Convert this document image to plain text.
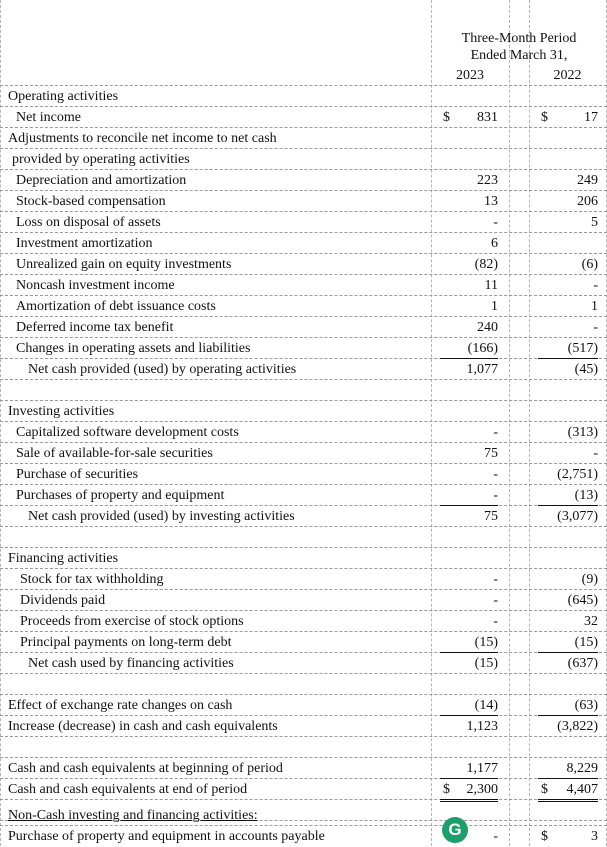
Three-Month Period
Ended March 31,
2023	2022
Operating activities
Net income	$	831	$	17
Adjustments to reconcile net income to net cash
provided by operating activities
Depreciation and amortization	223	249
Stock-based compensation	13	206
Loss on disposal of assets	-	5
Investment amortization	6
Unrealized gain on equity investments	(82)	(6)
Noncash investment income	11	-
Amortization of debt issuance costs	1	1
Deferred income tax benefit	240	-
Changes in operating assets and liabilities	(166)	(517)
Net cash provided (used) by operating activities	1,077	(45)
Investing activities
Capitalized software development costs	-	(313)
Sale of available-for-sale securities	75	-
Purchase of securities	-	(2,751)
Purchases of property and equipment	-	(13)
Net cash provided (used) by investing activities	75	(3,077)
Financing activities
Stock for tax withholding	-	(9)
Dividends paid	-	(645)
Proceeds from exercise of stock options	-	32
Principal payments on long-term debt	(15)	(15)
Net cash used by financing activities	(15)	(637)
Effect of exchange rate changes on cash	(14)	(63)
Increase (decrease) in cash and cash equivalents	1,123	(3,822)
Cash and cash equivalents at beginning of period	1,177	8,229
Cash and cash equivalents at end of period	$	2,300	$	4,407
Non-Cash investing and financing activities:
Purchase of property and equipment in accounts payable	-	$	3
G
